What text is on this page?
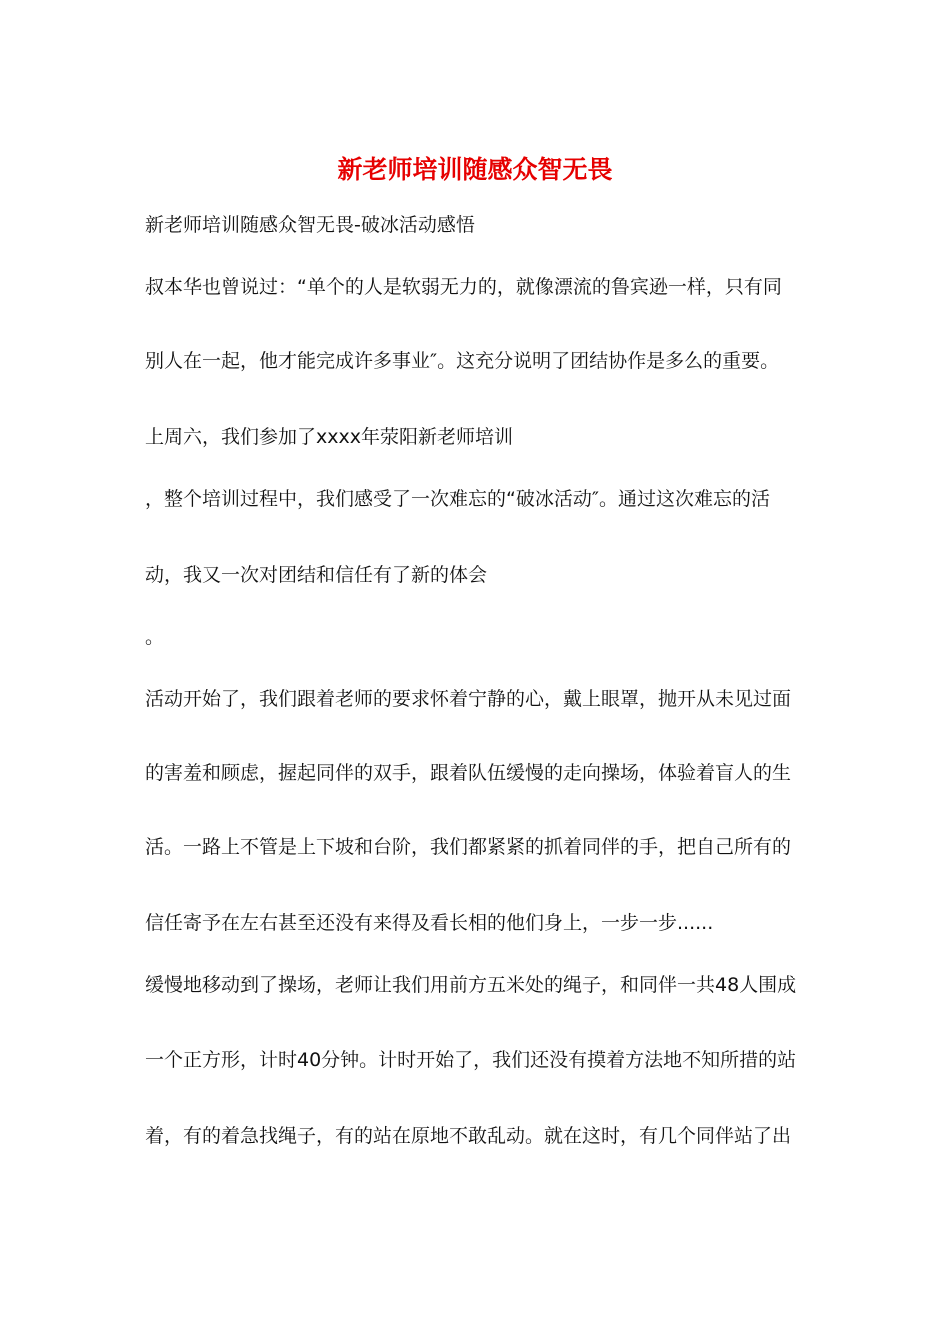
新老师培训随感众智无畏
新老师培训随感众智无畏-破冰活动感悟
叔本华也曾说过：“单个的人是软弱无力的，就像漂流的鲁宾逊一样，只有同
别人在一起，他才能完成许多事业″。这充分说明了团结协作是多么的重要。
上周六，我们参加了xxxx年荥阳新老师培训
，整个培训过程中，我们感受了一次难忘的“破冰活动″。通过这次难忘的活
动，我又一次对团结和信任有了新的体会
。
活动开始了，我们跟着老师的要求怀着宁静的心，戴上眼罩，抛开从未见过面
的害羞和顾虑，握起同伴的双手，跟着队伍缓慢的走向操场，体验着盲人的生
活。一路上不管是上下坡和台阶，我们都紧紧的抓着同伴的手，把自己所有的
信任寄予在左右甚至还没有来得及看长相的他们身上，一步一步......
缓慢地移动到了操场，老师让我们用前方五米处的绳子，和同伴一共48人围成
一个正方形，计时40分钟。计时开始了，我们还没有摸着方法地不知所措的站
着，有的着急找绳子，有的站在原地不敢乱动。就在这时，有几个同伴站了出
